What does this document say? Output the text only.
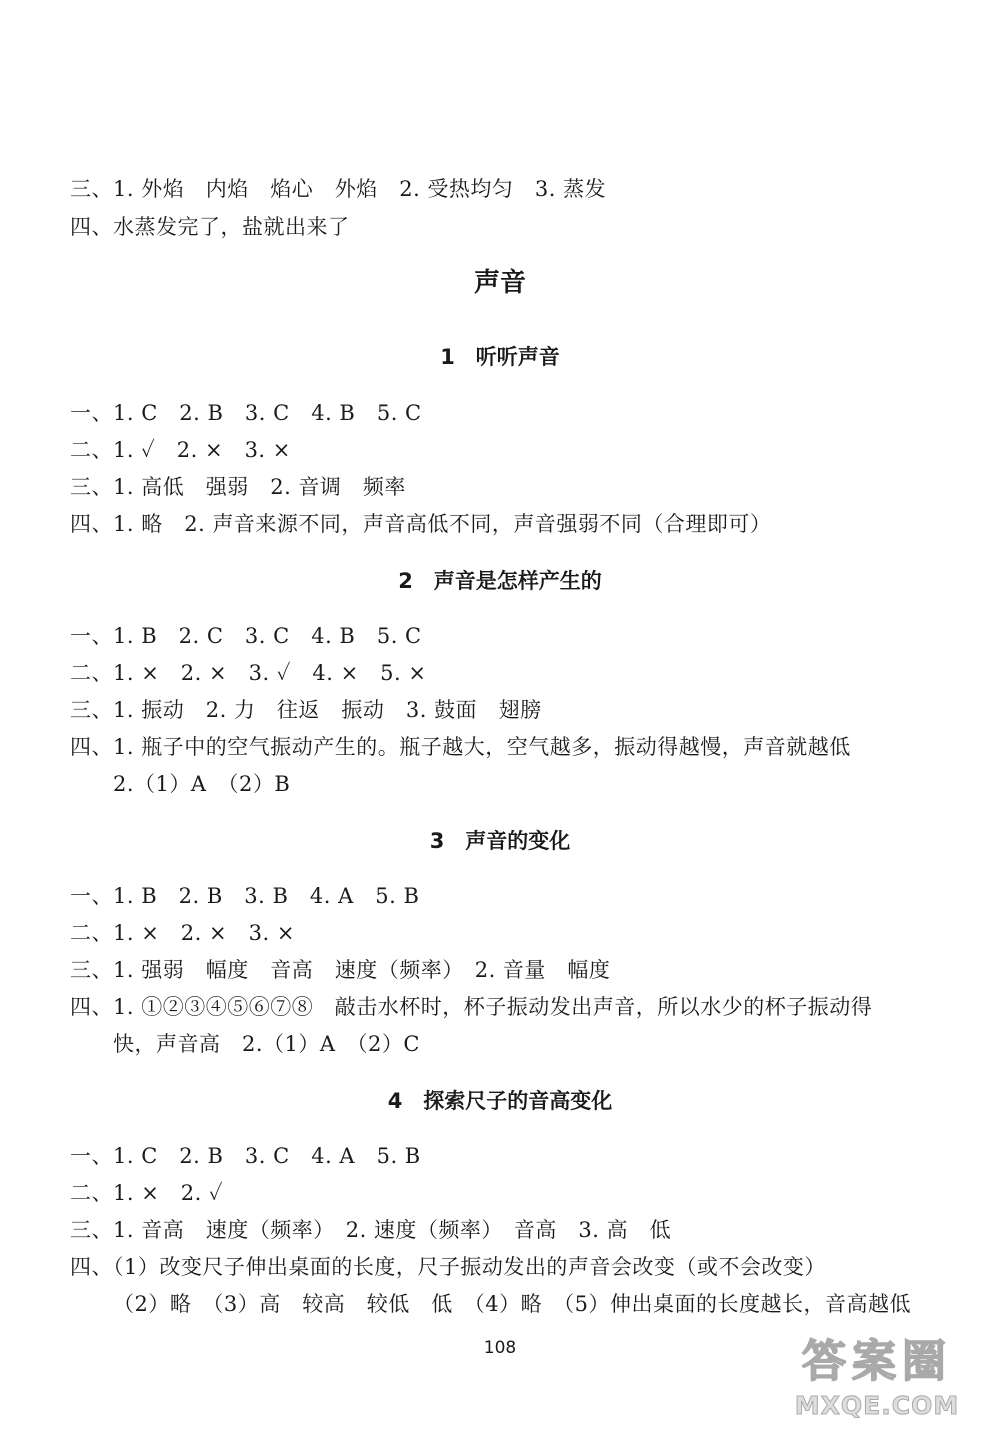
三、1. 外焰　内焰　焰心　外焰　2. 受热均匀　3. 蒸发
四、水蒸发完了，盐就出来了
声音
1　听听声音
一、1. C　2. B　3. C　4. B　5. C
二、1. ✓　2. ×　3. ×
三、1. 高低　强弱　2. 音调　频率
四、1. 略　2. 声音来源不同，声音高低不同，声音强弱不同（合理即可）
2　声音是怎样产生的
一、1. B　2. C　3. C　4. B　5. C
二、1. ×　2. ×　3. ✓　4. ×　5. ×
三、1. 振动　2. 力　往返　振动　3. 鼓面　翅膀
四、1. 瓶子中的空气振动产生的。瓶子越大，空气越多，振动得越慢，声音就越低
2.（1）A　（2）B
3　声音的变化
一、1. B　2. B　3. B　4. A　5. B
二、1. ×　2. ×　3. ×
三、1. 强弱　幅度　音高　速度（频率）　2. 音量　幅度
四、1. ①②③④⑤⑥⑦⑧　敲击水杯时，杯子振动发出声音，所以水少的杯子振动得
快，声音高　2.（1）A　（2）C
4　探索尺子的音高变化
一、1. C　2. B　3. C　4. A　5. B
二、1. ×　2. ✓
三、1. 音高　速度（频率）　2. 速度（频率）　音高　3. 高　低
四、（1）改变尺子伸出桌面的长度，尺子振动发出的声音会改变（或不会改变）
（2）略　（3）高　较高　较低　低　（4）略　（5）伸出桌面的长度越长，音高越低
108	答案圈
MXQE.COM
